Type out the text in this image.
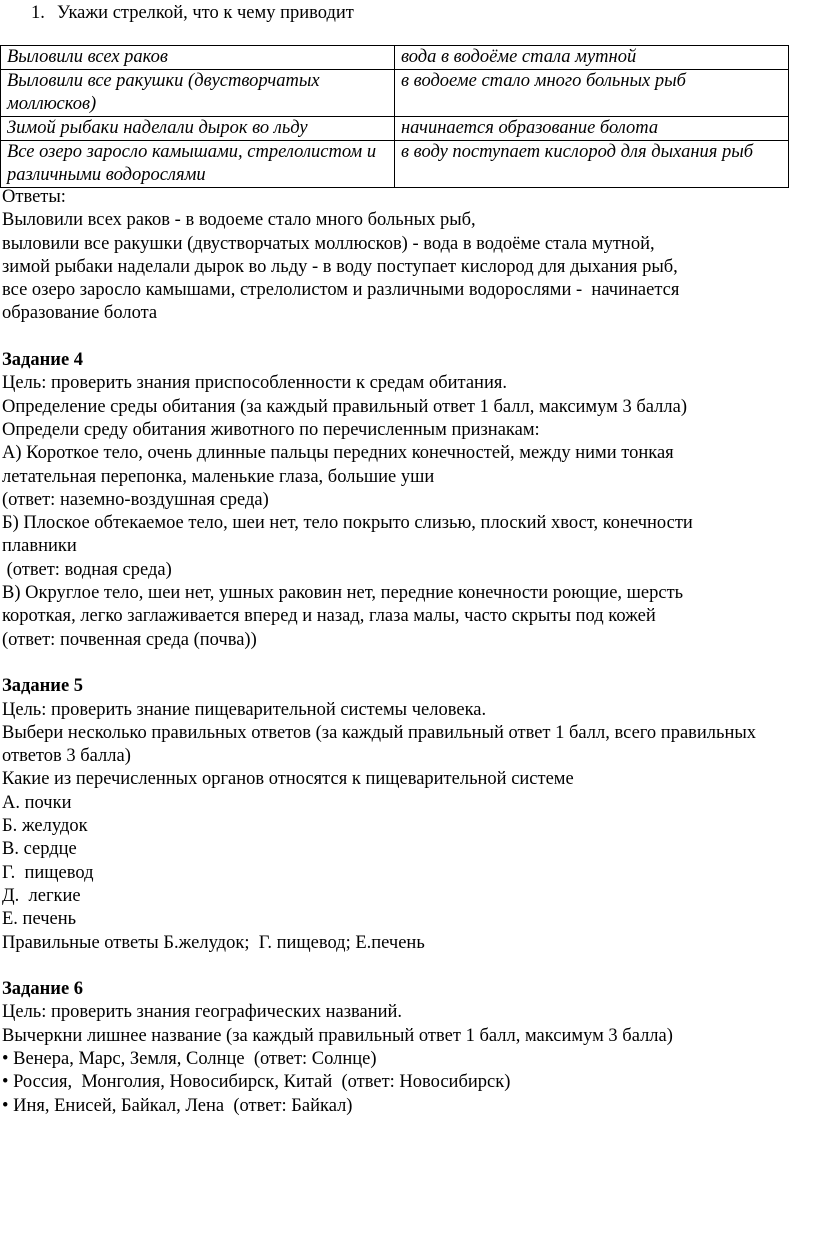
1. Укажи стрелкой, что к чему приводит
Выловили всех раков	вода в водоёме стала мутной
Выловили все ракушки (двустворчатых моллюсков)	в водоеме стало много больных рыб
Зимой рыбаки наделали дырок во льду	начинается образование болота
Все озеро заросло камышами, стрелолистом и различными водорослями	в воду поступает кислород для дыхания рыб
Ответы:
Выловили всех раков - в водоеме стало много больных рыб,
выловили все ракушки (двустворчатых моллюсков) - вода в водоёме стала мутной,
зимой рыбаки наделали дырок во льду - в воду поступает кислород для дыхания рыб,
все озеро заросло камышами, стрелолистом и различными водорослями -  начинается
образование болота
Задание 4
Цель: проверить знания приспособленности к средам обитания.
Определение среды обитания (за каждый правильный ответ 1 балл, максимум 3 балла)
Определи среду обитания животного по перечисленным признакам:
А) Короткое тело, очень длинные пальцы передних конечностей, между ними тонкая
летательная перепонка, маленькие глаза, большие уши
(ответ: наземно-воздушная среда)
Б) Плоское обтекаемое тело, шеи нет, тело покрыто слизью, плоский хвост, конечности
плавники
(ответ: водная среда)
В) Округлое тело, шеи нет, ушных раковин нет, передние конечности роющие, шерсть
короткая, легко заглаживается вперед и назад, глаза малы, часто скрыты под кожей
(ответ: почвенная среда (почва))
Задание 5
Цель: проверить знание пищеварительной системы человека.
Выбери несколько правильных ответов (за каждый правильный ответ 1 балл, всего правильных
ответов 3 балла)
Какие из перечисленных органов относятся к пищеварительной системе
А. почки
Б. желудок
В. сердце
Г.  пищевод
Д.  легкие
Е. печень
Правильные ответы Б.желудок;  Г. пищевод; Е.печень
Задание 6
Цель: проверить знания географических названий.
Вычеркни лишнее название (за каждый правильный ответ 1 балл, максимум 3 балла)
• Венера, Марс, Земля, Солнце  (ответ: Солнце)
• Россия,  Монголия, Новосибирск, Китай  (ответ: Новосибирск)
• Иня, Енисей, Байкал, Лена  (ответ: Байкал)
